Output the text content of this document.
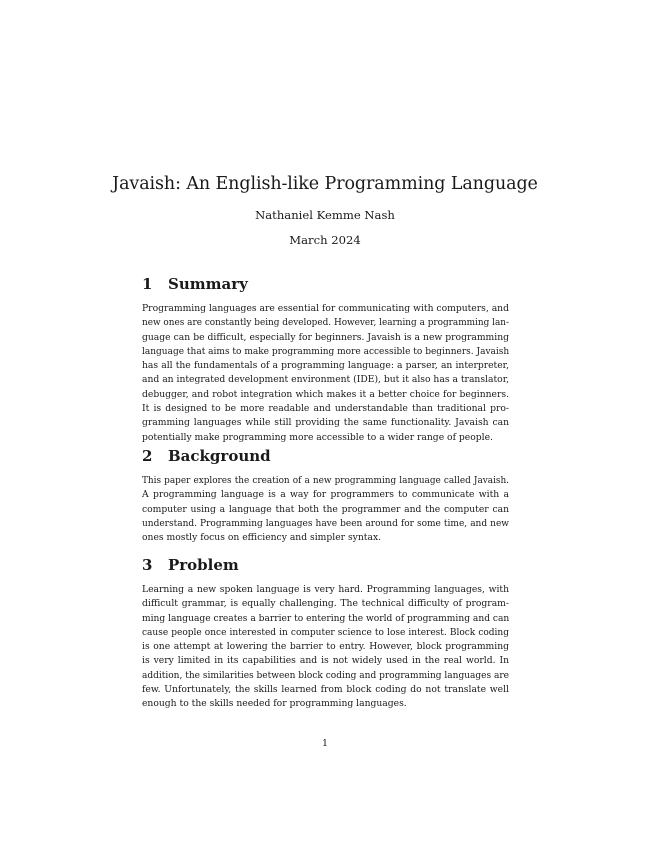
Javaish: An English-like Programming Language
Nathaniel Kemme Nash
March 2024
1 Summary
Programming languages are essential for communicating with computers, and
new ones are constantly being developed. However, learning a programming lan-
guage can be difficult, especially for beginners. Javaish is a new programming
language that aims to make programming more accessible to beginners. Javaish
has all the fundamentals of a programming language: a parser, an interpreter,
and an integrated development environment (IDE), but it also has a translator,
debugger, and robot integration which makes it a better choice for beginners.
It is designed to be more readable and understandable than traditional pro-
gramming languages while still providing the same functionality. Javaish can
potentially make programming more accessible to a wider range of people.
2 Background
This paper explores the creation of a new programming language called Javaish.
A programming language is a way for programmers to communicate with a
computer using a language that both the programmer and the computer can
understand. Programming languages have been around for some time, and new
ones mostly focus on efficiency and simpler syntax.
3 Problem
Learning a new spoken language is very hard. Programming languages, with
difficult grammar, is equally challenging. The technical difficulty of program-
ming language creates a barrier to entering the world of programming and can
cause people once interested in computer science to lose interest. Block coding
is one attempt at lowering the barrier to entry. However, block programming
is very limited in its capabilities and is not widely used in the real world. In
addition, the similarities between block coding and programming languages are
few. Unfortunately, the skills learned from block coding do not translate well
enough to the skills needed for programming languages.
1
